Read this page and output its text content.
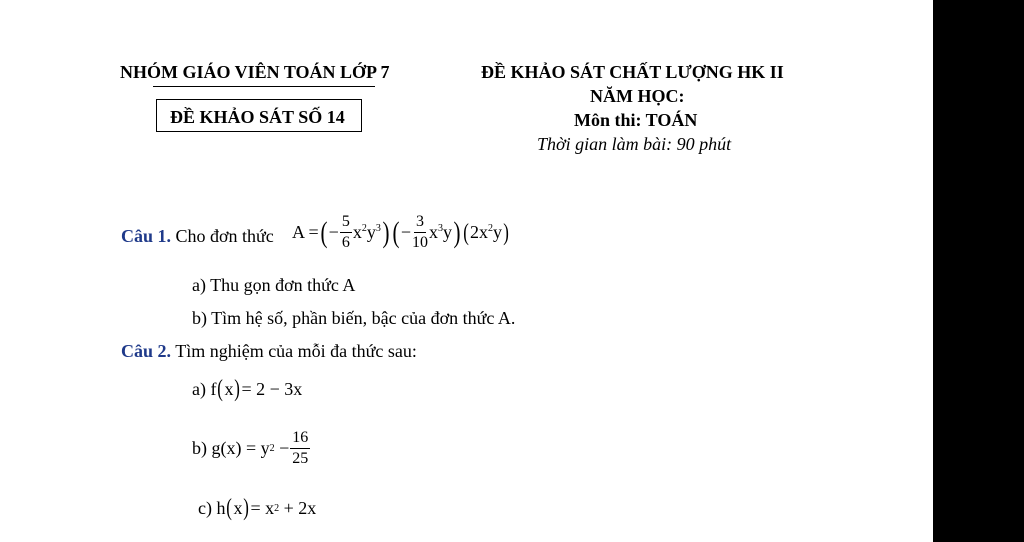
NHÓM GIÁO VIÊN TOÁN LỚP 7
ĐỀ KHẢO SÁT SỐ 14
ĐỀ KHẢO SÁT CHẤT LƯỢNG HK II
NĂM HỌC:
Môn thi: TOÁN
Thời gian làm bài: 90 phút
Câu 1. Cho đơn thức A = ( − $\frac{5}{6} x^2y^3$ ) ( − $\frac{3}{10} x^3y$ ) ( $2x^2y$ )
a) Thu gọn đơn thức A
b) Tìm hệ số, phần biến, bậc của đơn thức A.
Câu 2. Tìm nghiệm của mỗi đa thức sau:
a)
f ( x ) = 2 − 3x
b)
g(x) = y 2
− $\frac{16}{25}$
c)
h ( x ) = x 2
+ 2x
